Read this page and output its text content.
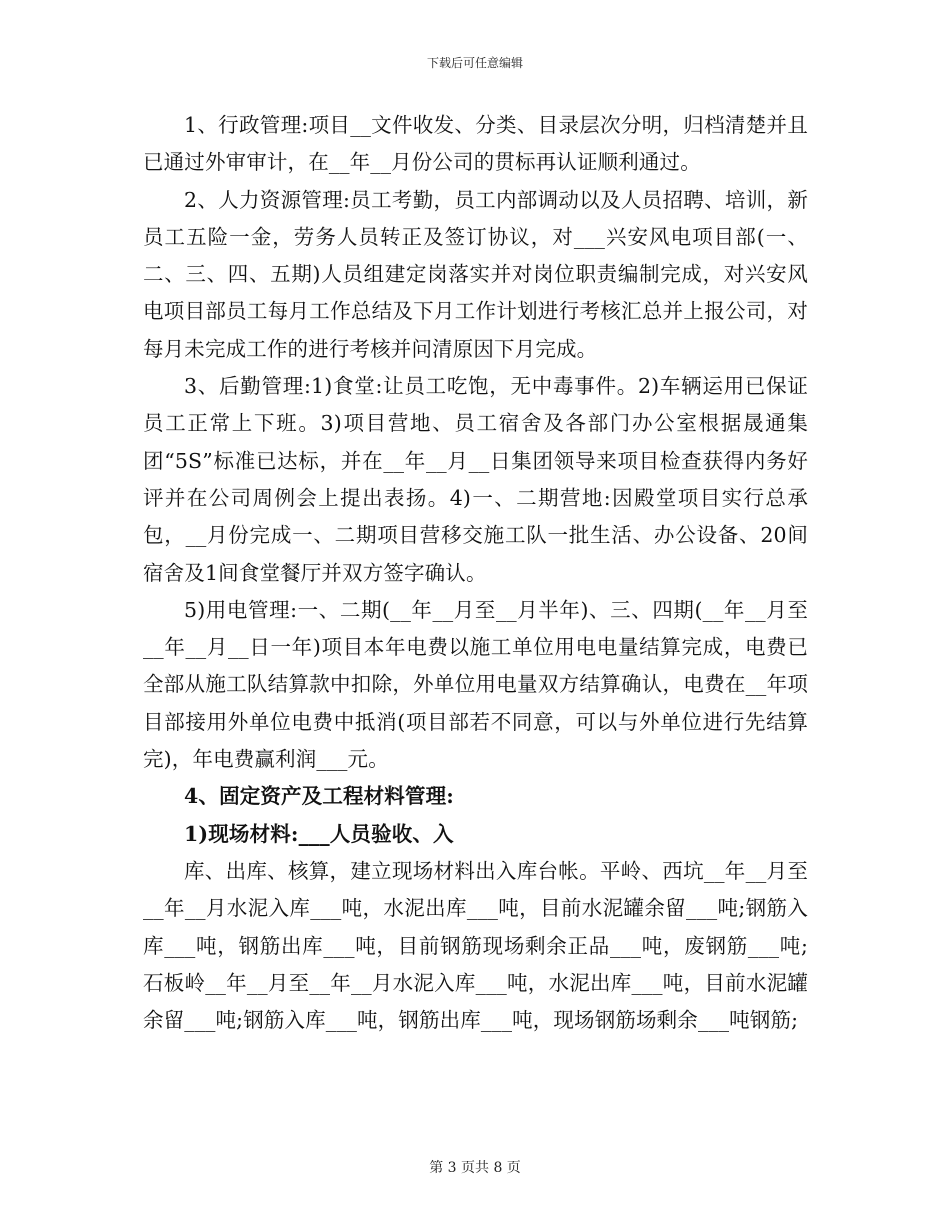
下载后可任意编辑

1、行政管理:项目__文件收发、分类、目录层次分明，归档清楚并且已通过外审审计，在__年__月份公司的贯标再认证顺利通过。

2、人力资源管理:员工考勤，员工内部调动以及人员招聘、培训，新员工五险一金，劳务人员转正及签订协议，对___兴安风电项目部(一、二、三、四、五期)人员组建定岗落实并对岗位职责编制完成，对兴安风电项目部员工每月工作总结及下月工作计划进行考核汇总并上报公司，对每月未完成工作的进行考核并问清原因下月完成。

3、后勤管理:1)食堂:让员工吃饱，无中毒事件。2)车辆运用已保证员工正常上下班。3)项目营地、员工宿舍及各部门办公室根据晟通集团“5S”标准已达标，并在__年__月__日集团领导来项目检查获得内务好评并在公司周例会上提出表扬。4)一、二期营地:因殿堂项目实行总承包，__月份完成一、二期项目营移交施工队一批生活、办公设备、20间宿舍及1间食堂餐厅并双方签字确认。

5)用电管理:一、二期(__年__月至__月半年)、三、四期(__年__月至__年__月__日一年)项目本年电费以施工单位用电电量结算完成，电费已全部从施工队结算款中扣除，外单位用电量双方结算确认，电费在__年项目部接用外单位电费中抵消(项目部若不同意，可以与外单位进行先结算完)，年电费赢利润___元。

4、固定资产及工程材料管理:

1)现场材料:___人员验收、入

库、出库、核算，建立现场材料出入库台帐。平岭、西坑__年__月至__年__月水泥入库___吨，水泥出库___吨，目前水泥罐余留___吨;钢筋入库___吨，钢筋出库___吨，目前钢筋现场剩余正品___吨，废钢筋___吨;石板岭__年__月至__年__月水泥入库___吨，水泥出库___吨，目前水泥罐余留___吨;钢筋入库___吨，钢筋出库___吨，现场钢筋场剩余___吨钢筋;

第 3 页共 8 页
